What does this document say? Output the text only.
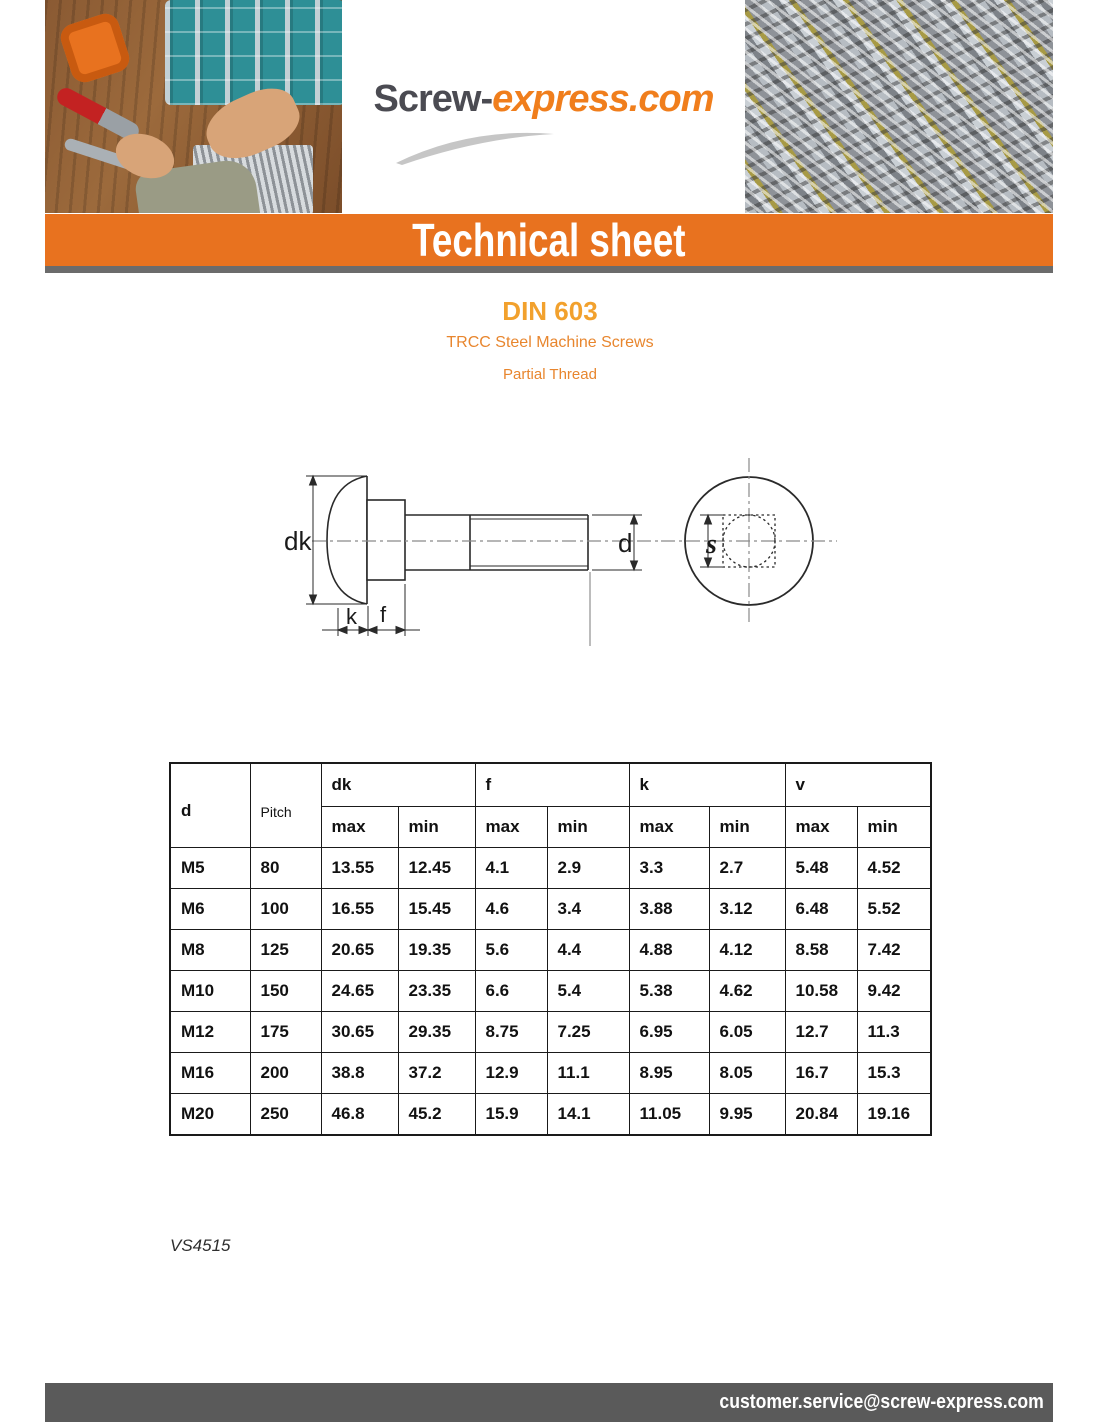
Screw-express.com
Technical sheet
DIN 603
TRCC Steel Machine Screws
Partial Thread
dk
k f
d	s
d	Pitch	dk		f		k		v	
		max	min	max	min	max	min	max	min
M5	80	13.55	12.45	4.1	2.9	3.3	2.7	5.48	4.52
M6	100	16.55	15.45	4.6	3.4	3.88	3.12	6.48	5.52
M8	125	20.65	19.35	5.6	4.4	4.88	4.12	8.58	7.42
M10	150	24.65	23.35	6.6	5.4	5.38	4.62	10.58	9.42
M12	175	30.65	29.35	8.75	7.25	6.95	6.05	12.7	11.3
M16	200	38.8	37.2	12.9	11.1	8.95	8.05	16.7	15.3
M20	250	46.8	45.2	15.9	14.1	11.05	9.95	20.84	19.16
VS4515
customer.service@screw-express.com
